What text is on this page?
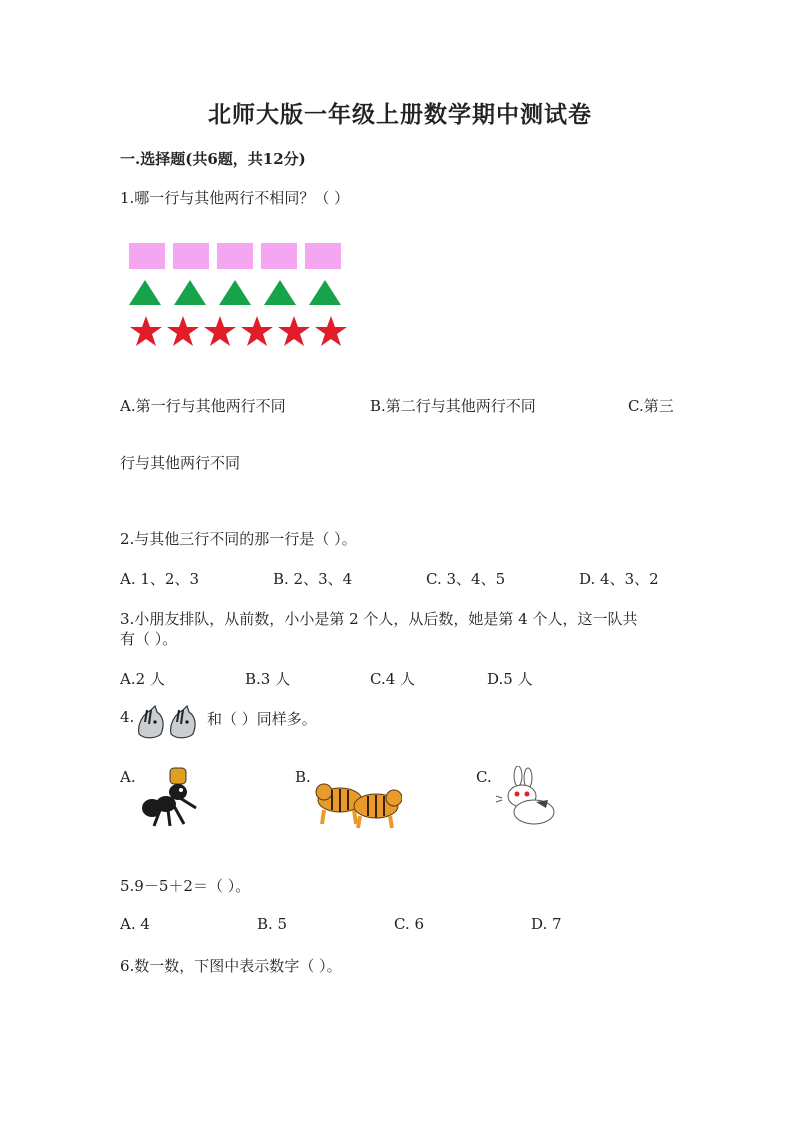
北师大版一年级上册数学期中测试卷
一.选择题(共6题，共12分)
1.哪一行与其他两行不相同？（ ）
A.第一行与其他两行不同	B.第二行与其他两行不同	C.第三
行与其他两行不同
2.与其他三行不同的那一行是（ ）。
A. 1、2、3	B. 2、3、4	C. 3、4、5	D. 4、3、2
3.小朋友排队，从前数，小小是第 2 个人，从后数，她是第 4 个人，这一队共
有（ ）。
A.2 人	B.3 人	C.4 人	D.5 人
4.	和（ ）同样多。
A.	B.	C.
5.9－5＋2＝（ ）。
A. 4	B. 5	C. 6	D. 7
6.数一数，下图中表示数字（ ）。
